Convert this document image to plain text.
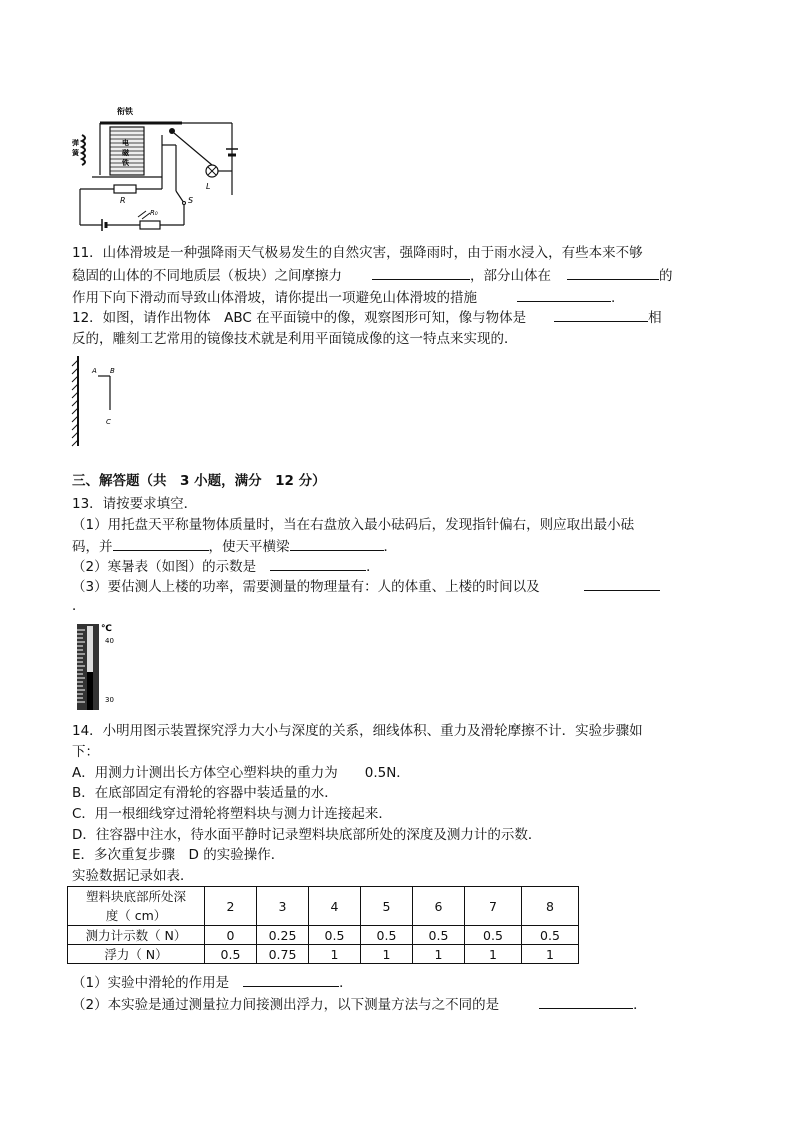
衔铁
L
弹
簧
电
磁
铁
R
R₀
S
11．山体滑坡是一种强降雨天气极易发生的自然灾害，强降雨时，由于雨水浸入，有些本来不够
稳固的山体的不同地质层（板块）之间摩擦力	，部分山体在	的
作用下向下滑动而导致山体滑坡，请你提出一项避免山体滑坡的措施	.
12．如图，请作出物体　ABC 在平面镜中的像，观察图形可知，像与物体是	相
反的，雕刻工艺常用的镜像技术就是利用平面镜成像的这一特点来实现的．
A B
C
三、解答题（共　3 小题，满分　12 分）
13．请按要求填空．
（1）用托盘天平称量物体质量时，当在右盘放入最小砝码后，发现指针偏右，则应取出最小砝
码，并	，使天平横梁	．
（2）寒暑表（如图）的示数是	．
（3）要估测人上楼的功率，需要测量的物理量有：人的体重、上楼的时间以及
．
℃
40
30
14．小明用图示装置探究浮力大小与深度的关系，细线体积、重力及滑轮摩擦不计．实验步骤如
下：
A．用测力计测出长方体空心塑料块的重力为　　0.5N．
B．在底部固定有滑轮的容器中装适量的水．
C．用一根细线穿过滑轮将塑料块与测力计连接起来．
D．往容器中注水，待水面平静时记录塑料块底部所处的深度及测力计的示数．
E．多次重复步骤　D 的实验操作．
实验数据记录如表．
塑料块底部所处深
度（ cm）	2	3	4	5	6	7	8
测力计示数（ N）	0	0.25	0.5	0.5	0.5	0.5	0.5
浮力（ N）	0.5	0.75	1	1	1	1	1
（1）实验中滑轮的作用是	．
（2）本实验是通过测量拉力间接测出浮力，以下测量方法与之不同的是	．
